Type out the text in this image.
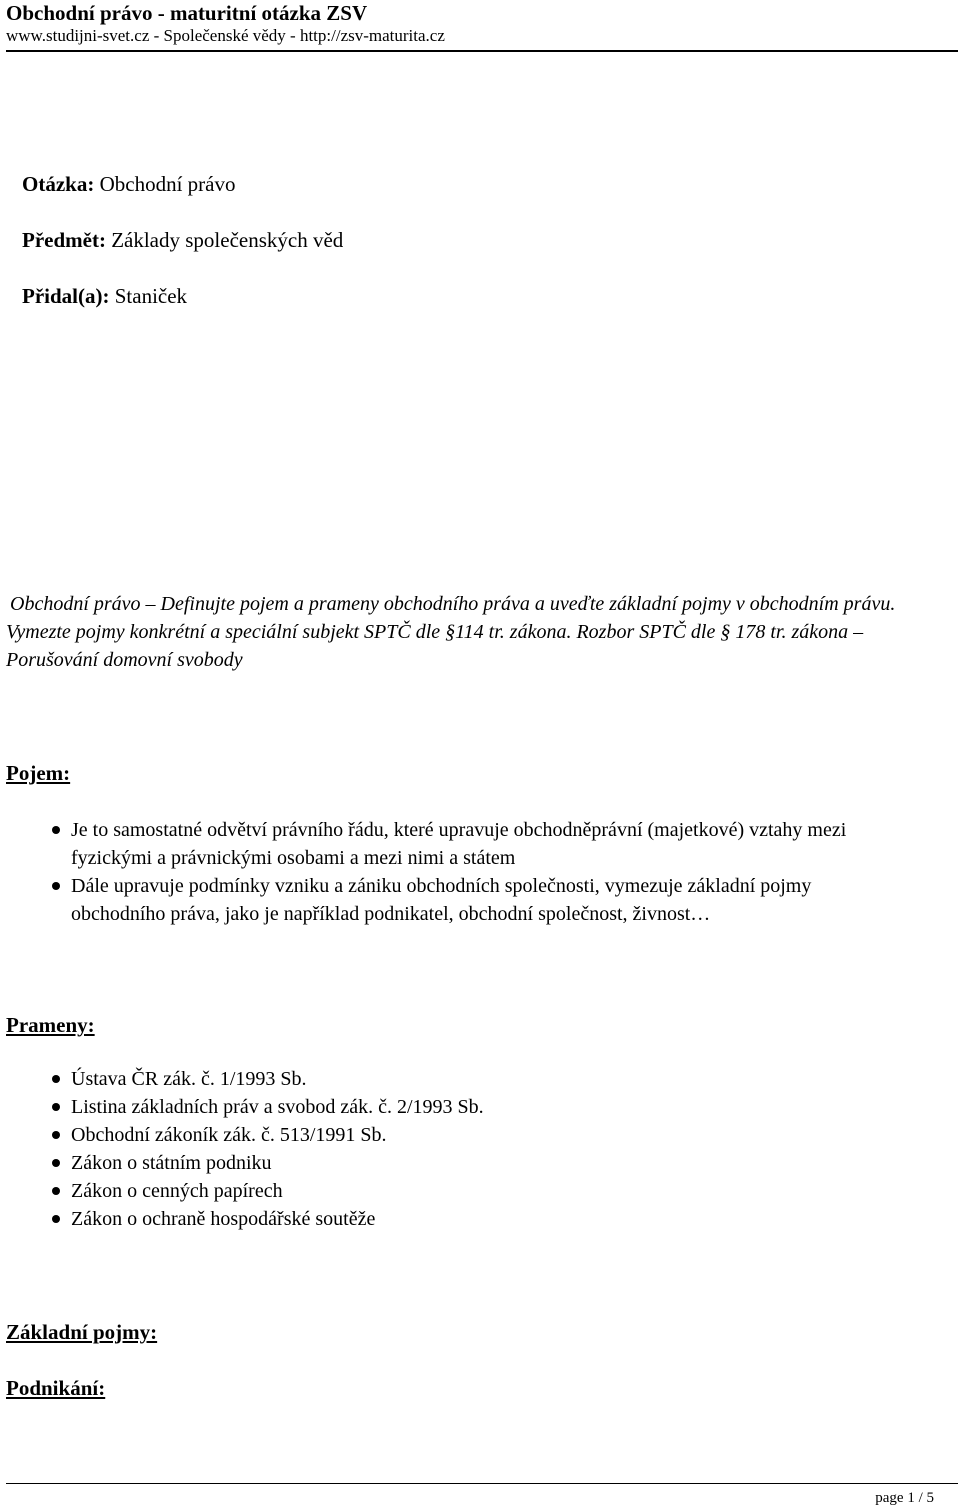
Obchodní právo - maturitní otázka ZSV
www.studijni-svet.cz - Společenské vědy - http://zsv-maturita.cz
Otázka: Obchodní právo
Předmět: Základy společenských věd
Přidal(a): Staniček
Obchodní právo – Definujte pojem a prameny obchodního práva a uveďte základní pojmy v obchodním právu. Vymezte pojmy konkrétní a speciální subjekt SPTČ dle §114 tr. zákona. Rozbor SPTČ dle § 178 tr. zákona – Porušování domovní svobody
Pojem:
Je to samostatné odvětví právního řádu, které upravuje obchodněprávní (majetkové) vztahy mezi fyzickými a právnickými osobami a mezi nimi a státem
Dále upravuje podmínky vzniku a zániku obchodních společnosti, vymezuje základní pojmy obchodního práva, jako je například podnikatel, obchodní společnost, živnost…
Prameny:
Ústava ČR zák. č. 1/1993 Sb.
Listina základních práv a svobod zák. č. 2/1993 Sb.
Obchodní zákoník zák. č. 513/1991 Sb.
Zákon o státním podniku
Zákon o cenných papírech
Zákon o ochraně hospodářské soutěže
Základní pojmy:
Podnikání:
page 1 / 5
